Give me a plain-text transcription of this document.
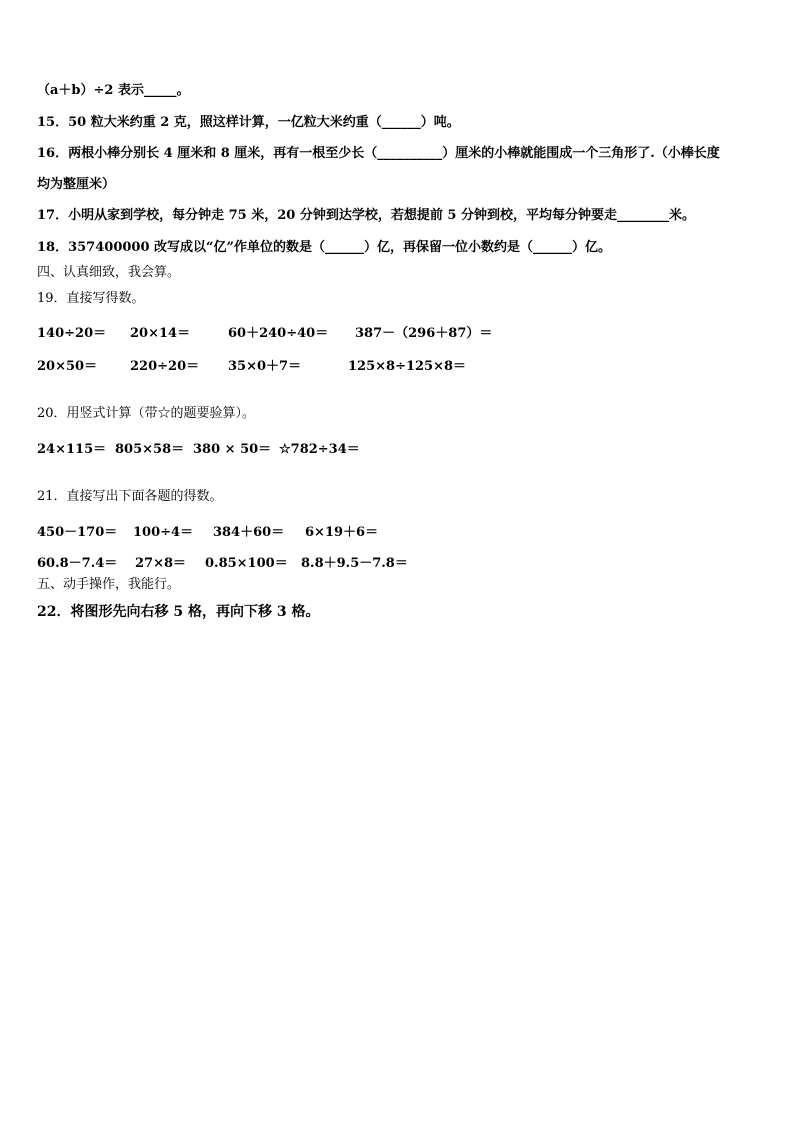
（a＋b）÷2 表示_____。
15．50 粒大米约重 2 克，照这样计算，一亿粒大米约重（______）吨。
16．两根小棒分别长 4 厘米和 8 厘米，再有一根至少长（__________）厘米的小棒就能围成一个三角形了.（小棒长度
均为整厘米）
17．小明从家到学校，每分钟走 75 米，20 分钟到达学校，若想提前 5 分钟到校，平均每分钟要走________米。
18．357400000 改写成以“亿”作单位的数是（______）亿，再保留一位小数约是（______）亿。
四、认真细致，我会算。
19．直接写得数。
140÷20＝ 20×14＝	60＋240÷40＝ 387－（296＋87）＝
20×50＝	220÷20＝ 35×0＋7＝	125×8÷125×8＝
20．用竖式计算（带☆的题要验算）。
24×115＝ 805×58＝ 380 × 50＝ ☆782÷34＝
21．直接写出下面各题的得数。
450－170＝ 100÷4＝ 384＋60＝ 6×19＋6＝
60.8－7.4＝ 27×8＝ 0.85×100＝ 8.8＋9.5－7.8＝
五、动手操作，我能行。
22．将图形先向右移 5 格，再向下移 3 格。
